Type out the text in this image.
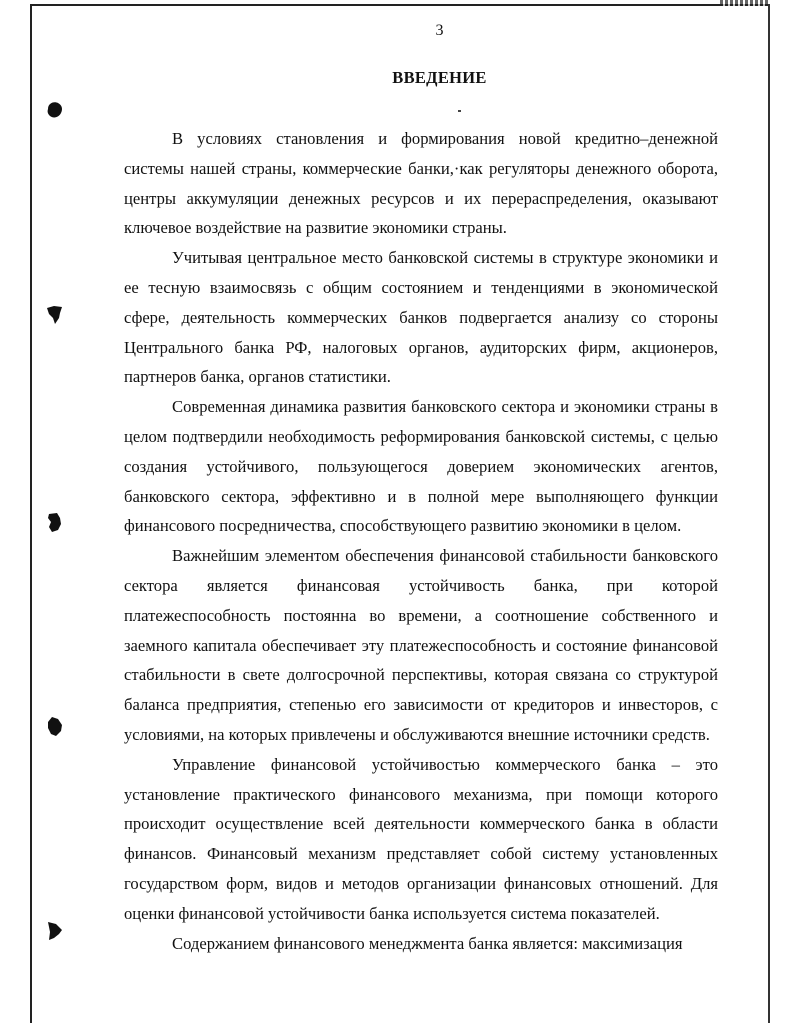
3
ВВЕДЕНИЕ

В условиях становления и формирования новой кредитно–денежной системы нашей страны, коммерческие банки,·как регуляторы денежного оборота, центры аккумуляции денежных ресурсов и их перераспределения, оказывают ключевое воздействие на развитие экономики страны.

Учитывая центральное место банковской системы в структуре экономики и ее тесную взаимосвязь с общим состоянием и тенденциями в экономической сфере, деятельность коммерческих банков подвергается анализу со стороны Центрального банка РФ, налоговых органов, аудиторских фирм, акционеров, партнеров банка, органов статистики.

Современная динамика развития банковского сектора и экономики страны в целом подтвердили необходимость реформирования банковской системы, с целью создания устойчивого, пользующегося доверием экономических агентов, банковского сектора, эффективно и в полной мере выполняющего функции финансового посредничества, способствующего развитию экономики в целом.

Важнейшим элементом обеспечения финансовой стабильности банковского сектора является финансовая устойчивость банка, при которой платежеспособность постоянна во времени, а соотношение собственного и заемного капитала обеспечивает эту платежеспособность и состояние финансовой стабильности в свете долгосрочной перспективы, которая связана со структурой баланса предприятия, степенью его зависимости от кредиторов и инвесторов, с условиями, на которых привлечены и обслуживаются внешние источники средств.

Управление финансовой устойчивостью коммерческого банка – это установление практического финансового механизма, при помощи которого происходит осуществление всей деятельности коммерческого банка в области финансов. Финансовый механизм представляет собой систему установленных государством форм, видов и методов организации финансовых отношений. Для оценки финансовой устойчивости банка используется система показателей.

Содержанием финансового менеджмента банка является: максимизация
